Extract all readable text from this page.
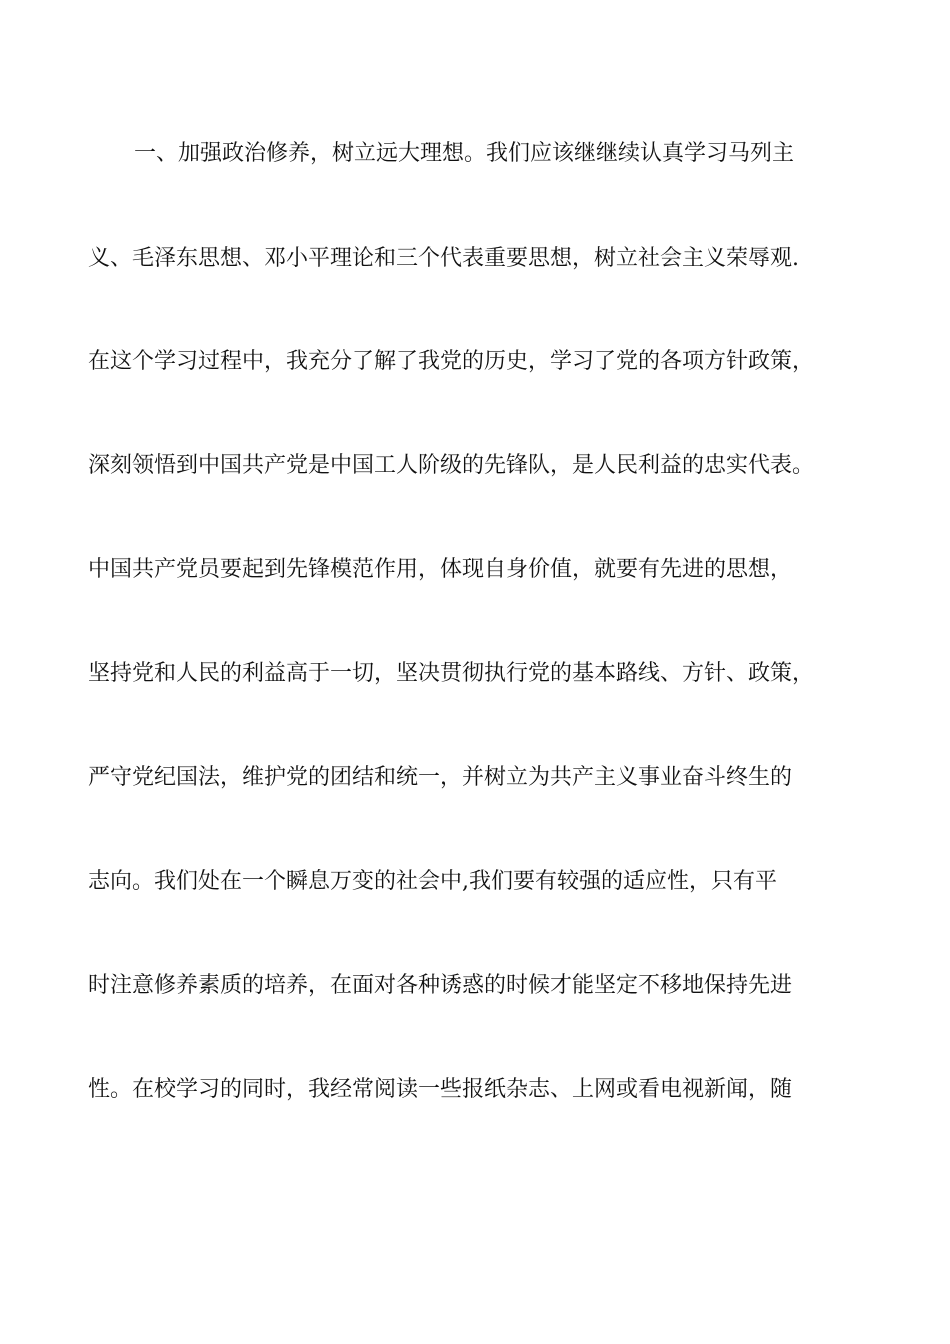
一、加强政治修养，树立远大理想。我们应该继继续认真学习马列主
义、毛泽东思想、邓小平理论和三个代表重要思想，树立社会主义荣辱观.
在这个学习过程中，我充分了解了我党的历史，学习了党的各项方针政策，
深刻领悟到中国共产党是中国工人阶级的先锋队，是人民利益的忠实代表。
中国共产党员要起到先锋模范作用，体现自身价值，就要有先进的思想，
坚持党和人民的利益高于一切，坚决贯彻执行党的基本路线、方针、政策，
严守党纪国法，维护党的团结和统一，并树立为共产主义事业奋斗终生的
志向。我们处在一个瞬息万变的社会中,我们要有较强的适应性，只有平
时注意修养素质的培养，在面对各种诱惑的时候才能坚定不移地保持先进
性。在校学习的同时，我经常阅读一些报纸杂志、上网或看电视新闻，随
